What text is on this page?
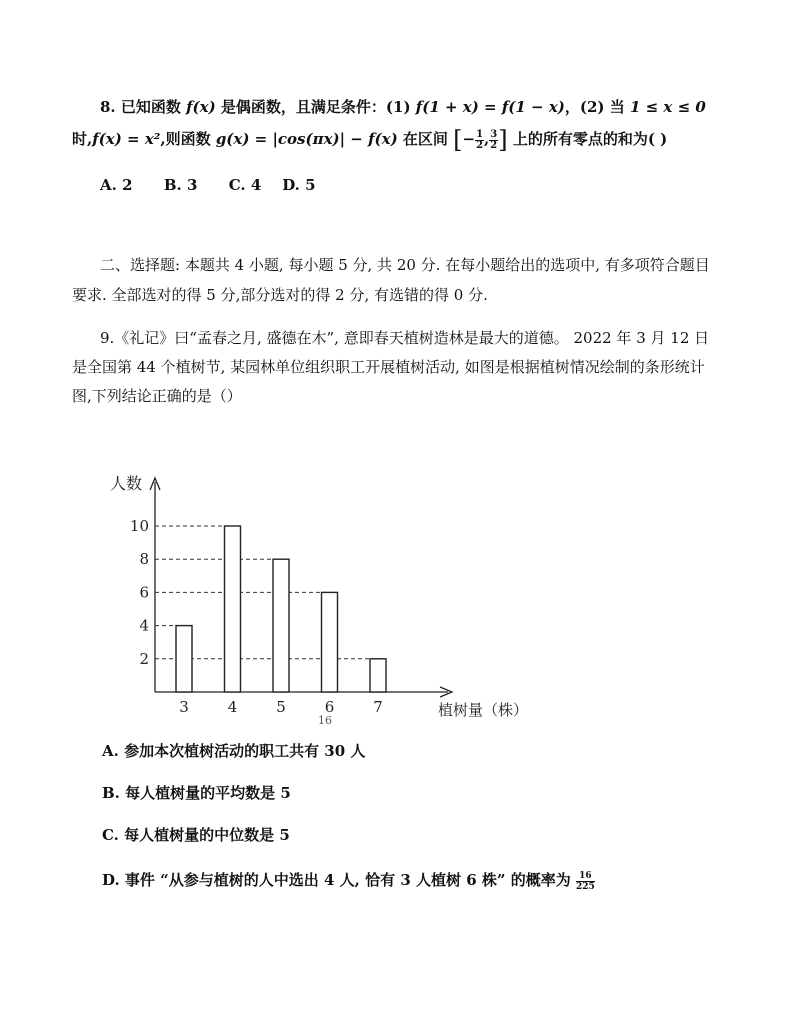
8. 已知函数 f(x) 是偶函数，且满足条件：(1) f(1 + x) = f(1 − x)，(2) 当 1 ≤ x ≤ 0
时,f(x) = x²,则函数 g(x) = |cos(πx)| − f(x) 在区间 [− $\frac{1}{2}$ , $\frac{3}{2}$ ] 上的所有零点的和为( )
A. 2      B. 3      C. 4    D. 5
二、选择题: 本题共 4 小题, 每小题 5 分, 共 20 分. 在每小题给出的选项中, 有多项符合题目
要求. 全部选对的得 5 分,部分选对的得 2 分, 有选错的得 0 分.
9.《礼记》曰“孟春之月, 盛德在木”, 意即春天植树造林是最大的道德。 2022 年 3 月 12 日
是全国第 44 个植树节, 某园林单位组织职工开展植树活动, 如图是根据植树情况绘制的条形统计
图,下列结论正确的是（）
人数
植树量（株）
16
2
4
6
8
10
3	4	5	6	7
A. 参加本次植树活动的职工共有 30 人
B. 每人植树量的平均数是 5
C. 每人植树量的中位数是 5
D. 事件 “从参与植树的人中选出 4 人, 恰有 3 人植树 6 株” 的概率为 $\frac{16}{225}$
